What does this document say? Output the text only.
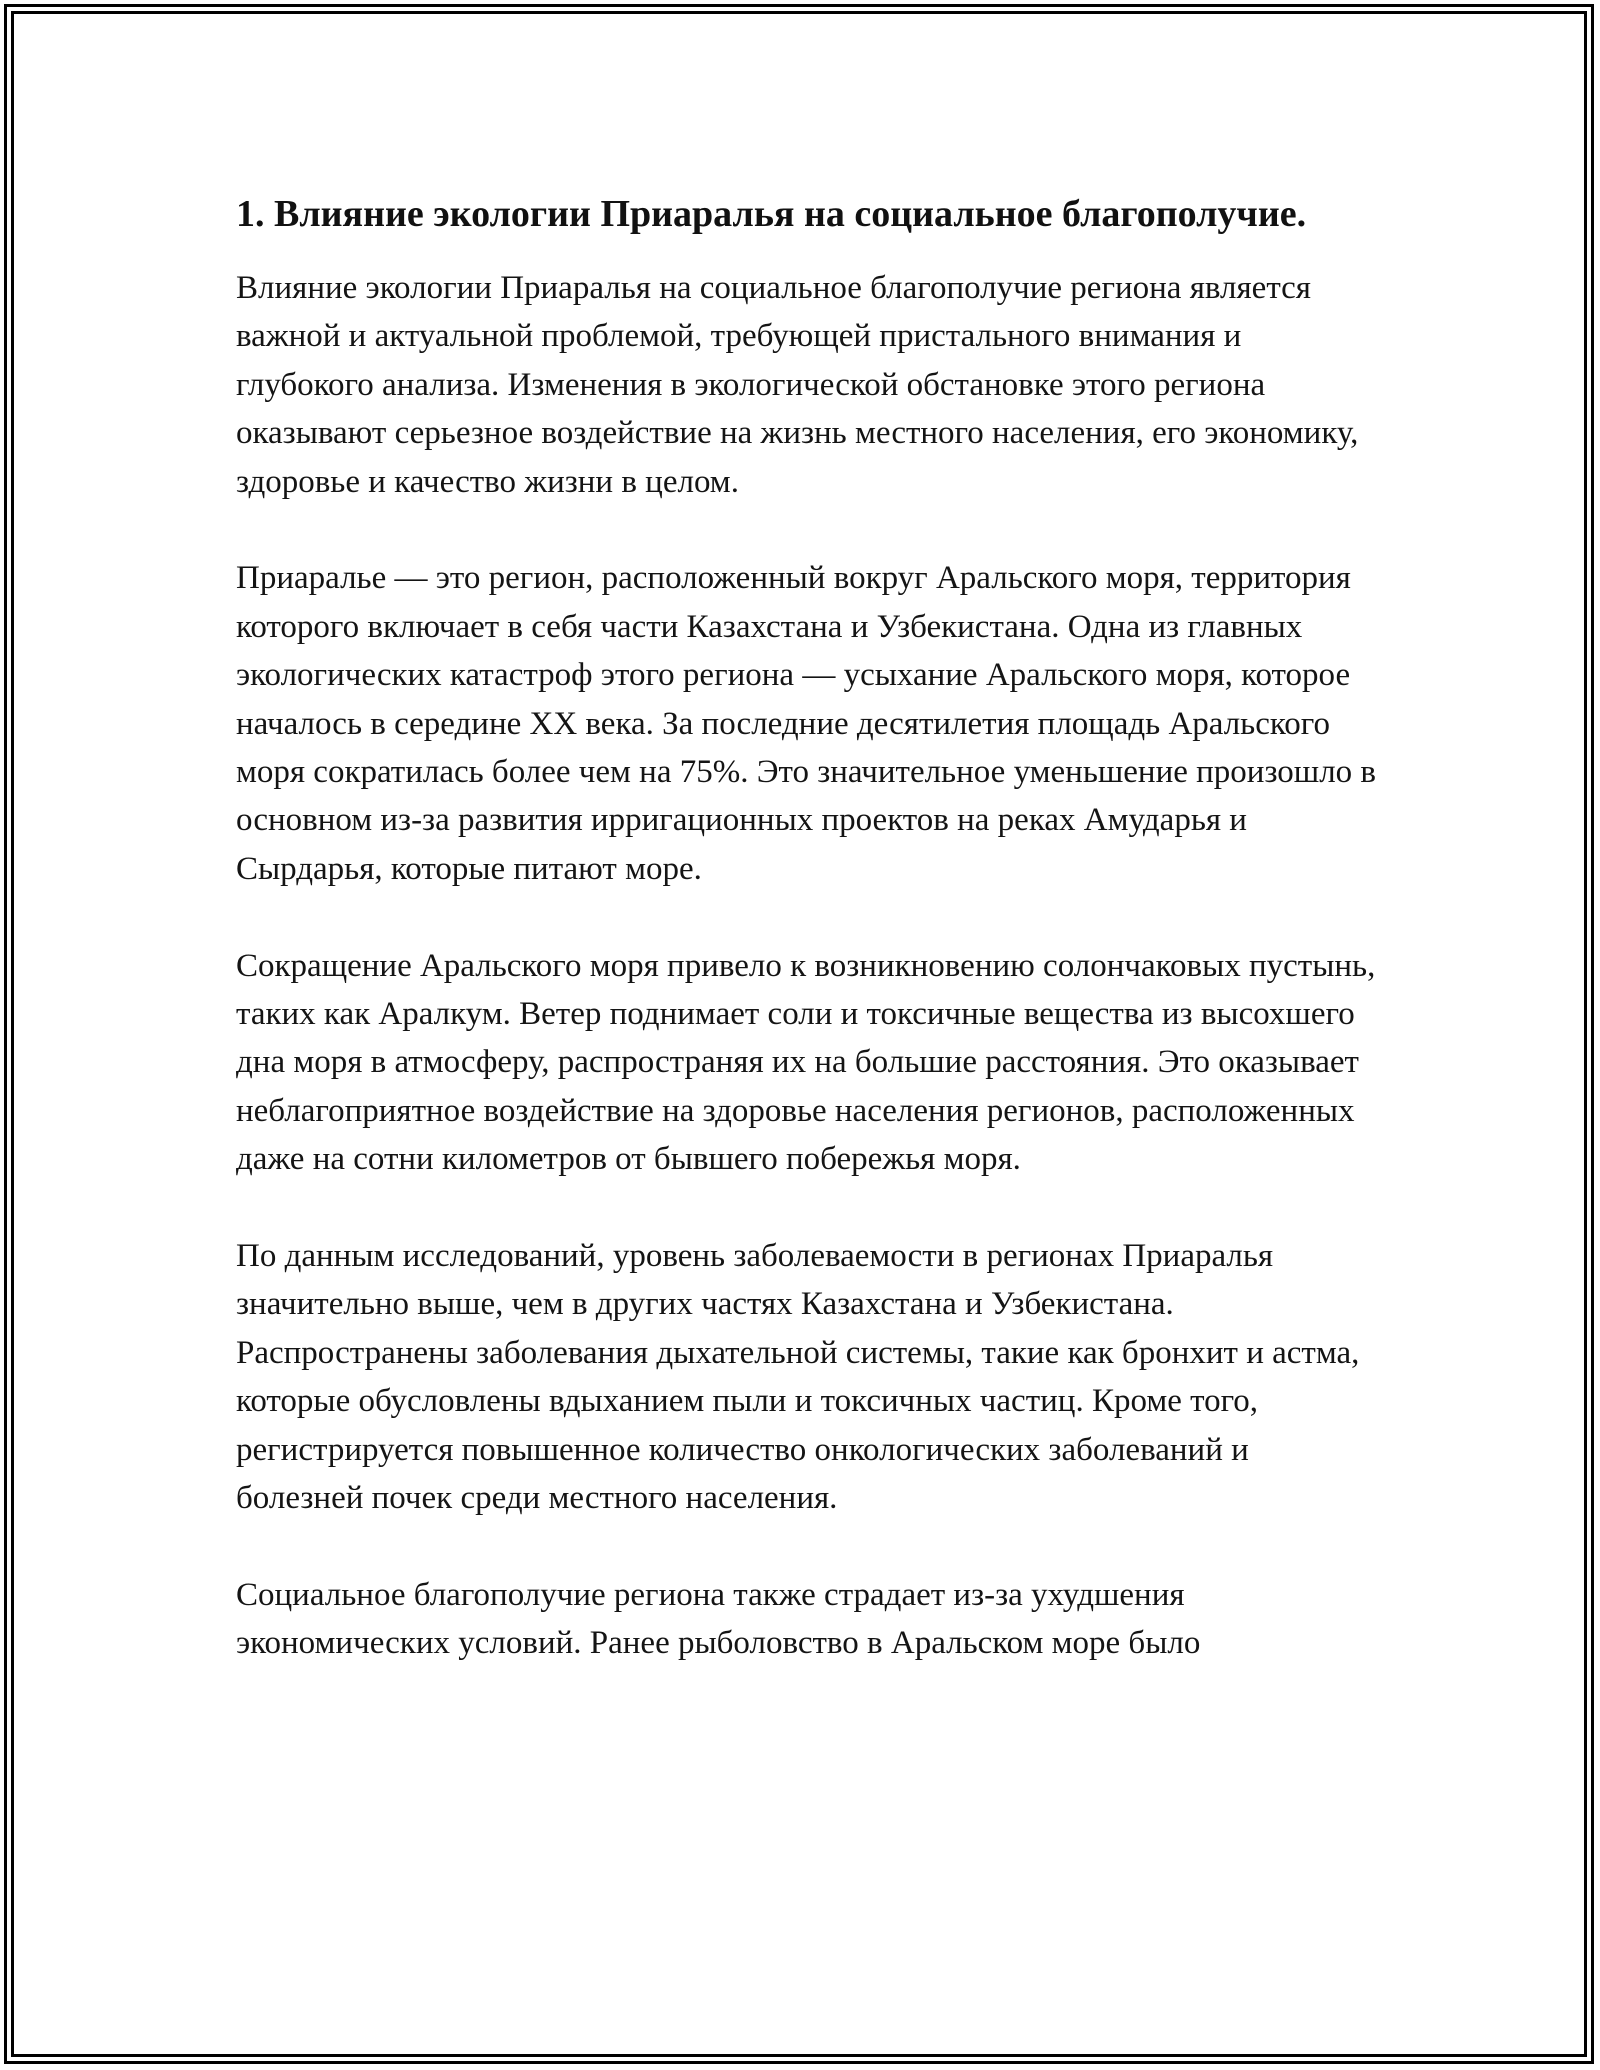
1. Влияние экологии Приаралья на социальное благополучие.

Влияние экологии Приаралья на социальное благополучие региона является важной и актуальной проблемой, требующей пристального внимания и глубокого анализа. Изменения в экологической обстановке этого региона оказывают серьезное воздействие на жизнь местного населения, его экономику, здоровье и качество жизни в целом.

Приаралье — это регион, расположенный вокруг Аральского моря, территория которого включает в себя части Казахстана и Узбекистана. Одна из главных экологических катастроф этого региона — усыхание Аральского моря, которое началось в середине XX века. За последние десятилетия площадь Аральского моря сократилась более чем на 75%. Это значительное уменьшение произошло в основном из-за развития ирригационных проектов на реках Амударья и Сырдарья, которые питают море.

Сокращение Аральского моря привело к возникновению солончаковых пустынь, таких как Аралкум. Ветер поднимает соли и токсичные вещества из высохшего дна моря в атмосферу, распространяя их на большие расстояния. Это оказывает неблагоприятное воздействие на здоровье населения регионов, расположенных даже на сотни километров от бывшего побережья моря.

По данным исследований, уровень заболеваемости в регионах Приаралья значительно выше, чем в других частях Казахстана и Узбекистана. Распространены заболевания дыхательной системы, такие как бронхит и астма, которые обусловлены вдыханием пыли и токсичных частиц. Кроме того, регистрируется повышенное количество онкологических заболеваний и болезней почек среди местного населения.

Социальное благополучие региона также страдает из-за ухудшения экономических условий. Ранее рыболовство в Аральском море было
